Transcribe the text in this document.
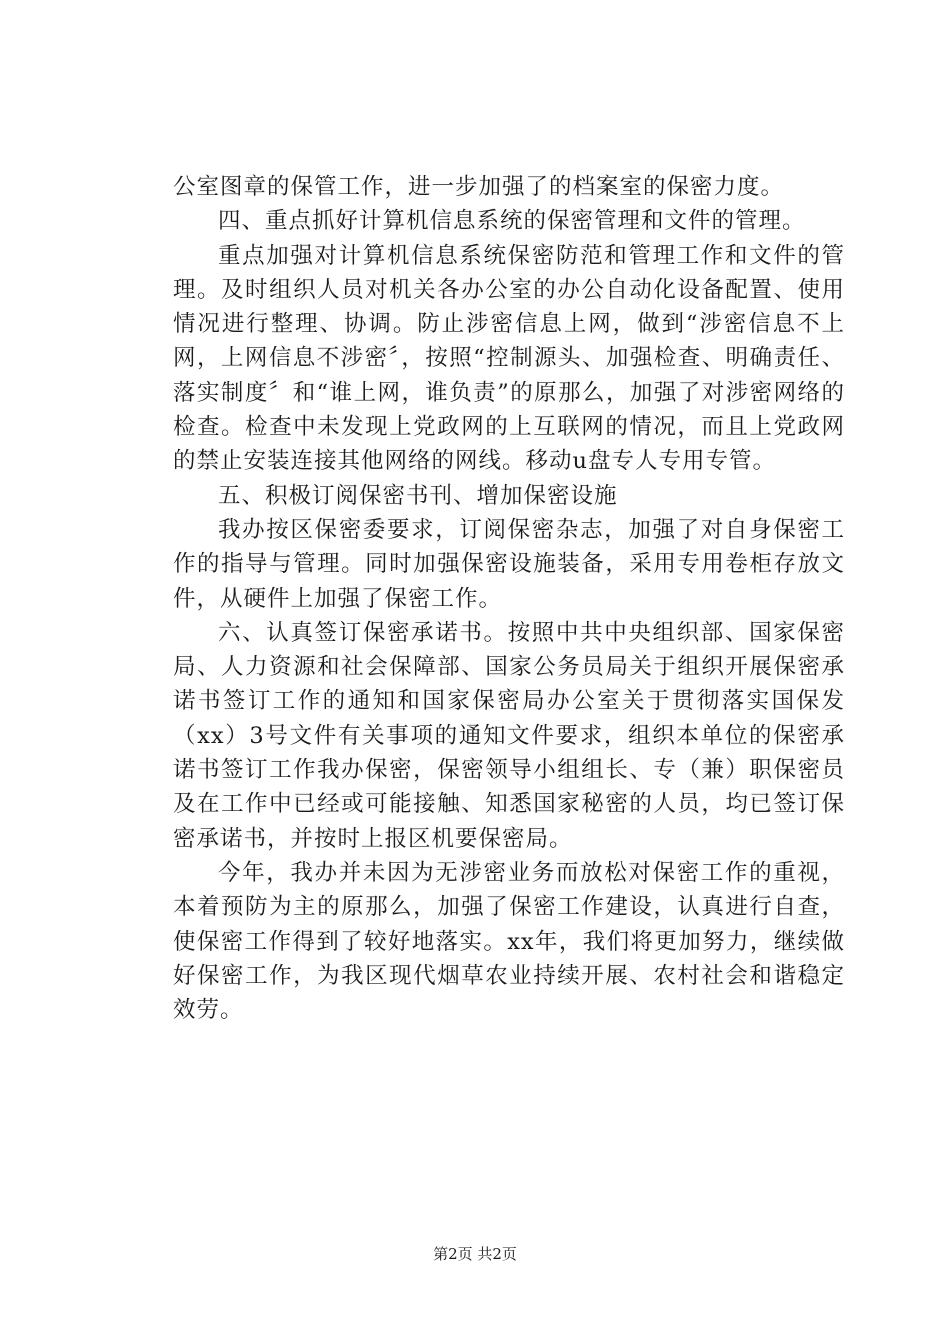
公室图章的保管工作，进一步加强了的档案室的保密力度。

四、重点抓好计算机信息系统的保密管理和文件的管理。

重点加强对计算机信息系统保密防范和管理工作和文件的管理。及时组织人员对机关各办公室的办公自动化设备配置、使用情况进行整理、协调。防止涉密信息上网，做到“涉密信息不上网，上网信息不涉密〞，按照“控制源头、加强检查、明确责任、落实制度〞和“谁上网，谁负责”的原那么，加强了对涉密网络的检查。检查中未发现上党政网的上互联网的情况，而且上党政网的禁止安装连接其他网络的网线。移动u盘专人专用专管。

五、积极订阅保密书刊、增加保密设施

我办按区保密委要求，订阅保密杂志，加强了对自身保密工作的指导与管理。同时加强保密设施装备，采用专用卷柜存放文件，从硬件上加强了保密工作。

六、认真签订保密承诺书。按照中共中央组织部、国家保密局、人力资源和社会保障部、国家公务员局关于组织开展保密承诺书签订工作的通知和国家保密局办公室关于贯彻落实国保发（xx）3号文件有关事项的通知文件要求，组织本单位的保密承诺书签订工作我办保密，保密领导小组组长、专（兼）职保密员及在工作中已经或可能接触、知悉国家秘密的人员，均已签订保密承诺书，并按时上报区机要保密局。

今年，我办并未因为无涉密业务而放松对保密工作的重视，本着预防为主的原那么，加强了保密工作建设，认真进行自查，使保密工作得到了较好地落实。xx年，我们将更加努力，继续做好保密工作，为我区现代烟草农业持续开展、农村社会和谐稳定效劳。

第2页 共2页
